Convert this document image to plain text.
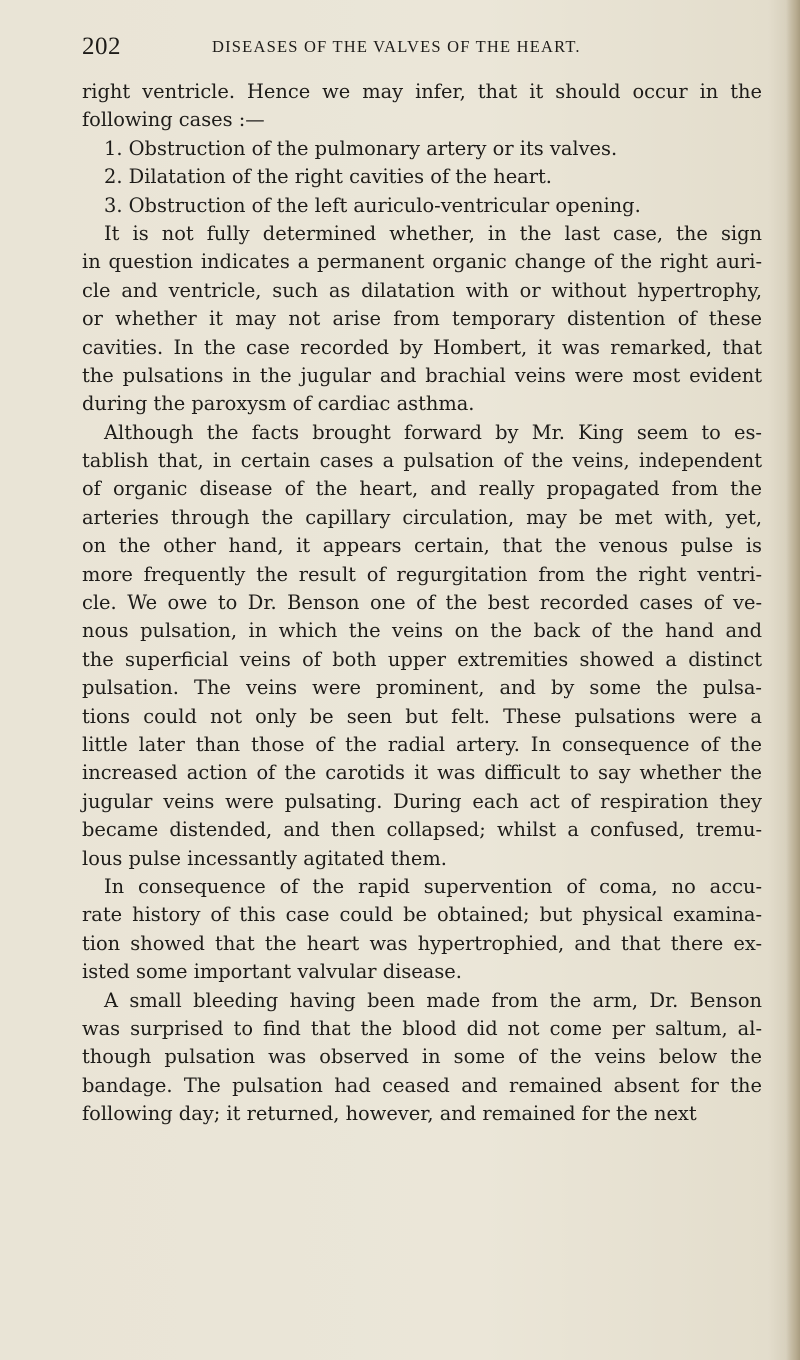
202	DISEASES OF THE VALVES OF THE HEART.
right ventricle. Hence we may infer, that it should occur in the
following cases :—
1. Obstruction of the pulmonary artery or its valves.
2. Dilatation of the right cavities of the heart.
3. Obstruction of the left auriculo-ventricular opening.
It is not fully determined whether, in the last case, the sign
in question indicates a permanent organic change of the right auri-
cle and ventricle, such as dilatation with or without hypertrophy,
or whether it may not arise from temporary distention of these
cavities. In the case recorded by Hombert, it was remarked, that
the pulsations in the jugular and brachial veins were most evident
during the paroxysm of cardiac asthma.
Although the facts brought forward by Mr. King seem to es-
tablish that, in certain cases a pulsation of the veins, independent
of organic disease of the heart, and really propagated from the
arteries through the capillary circulation, may be met with, yet,
on the other hand, it appears certain, that the venous pulse is
more frequently the result of regurgitation from the right ventri-
cle. We owe to Dr. Benson one of the best recorded cases of ve-
nous pulsation, in which the veins on the back of the hand and
the superficial veins of both upper extremities showed a distinct
pulsation. The veins were prominent, and by some the pulsa-
tions could not only be seen but felt. These pulsations were a
little later than those of the radial artery. In consequence of the
increased action of the carotids it was difficult to say whether the
jugular veins were pulsating. During each act of respiration they
became distended, and then collapsed; whilst a confused, tremu-
lous pulse incessantly agitated them.
In consequence of the rapid supervention of coma, no accu-
rate history of this case could be obtained; but physical examina-
tion showed that the heart was hypertrophied, and that there ex-
isted some important valvular disease.
A small bleeding having been made from the arm, Dr. Benson
was surprised to find that the blood did not come per saltum, al-
though pulsation was observed in some of the veins below the
bandage. The pulsation had ceased and remained absent for the
following day; it returned, however, and remained for the next
